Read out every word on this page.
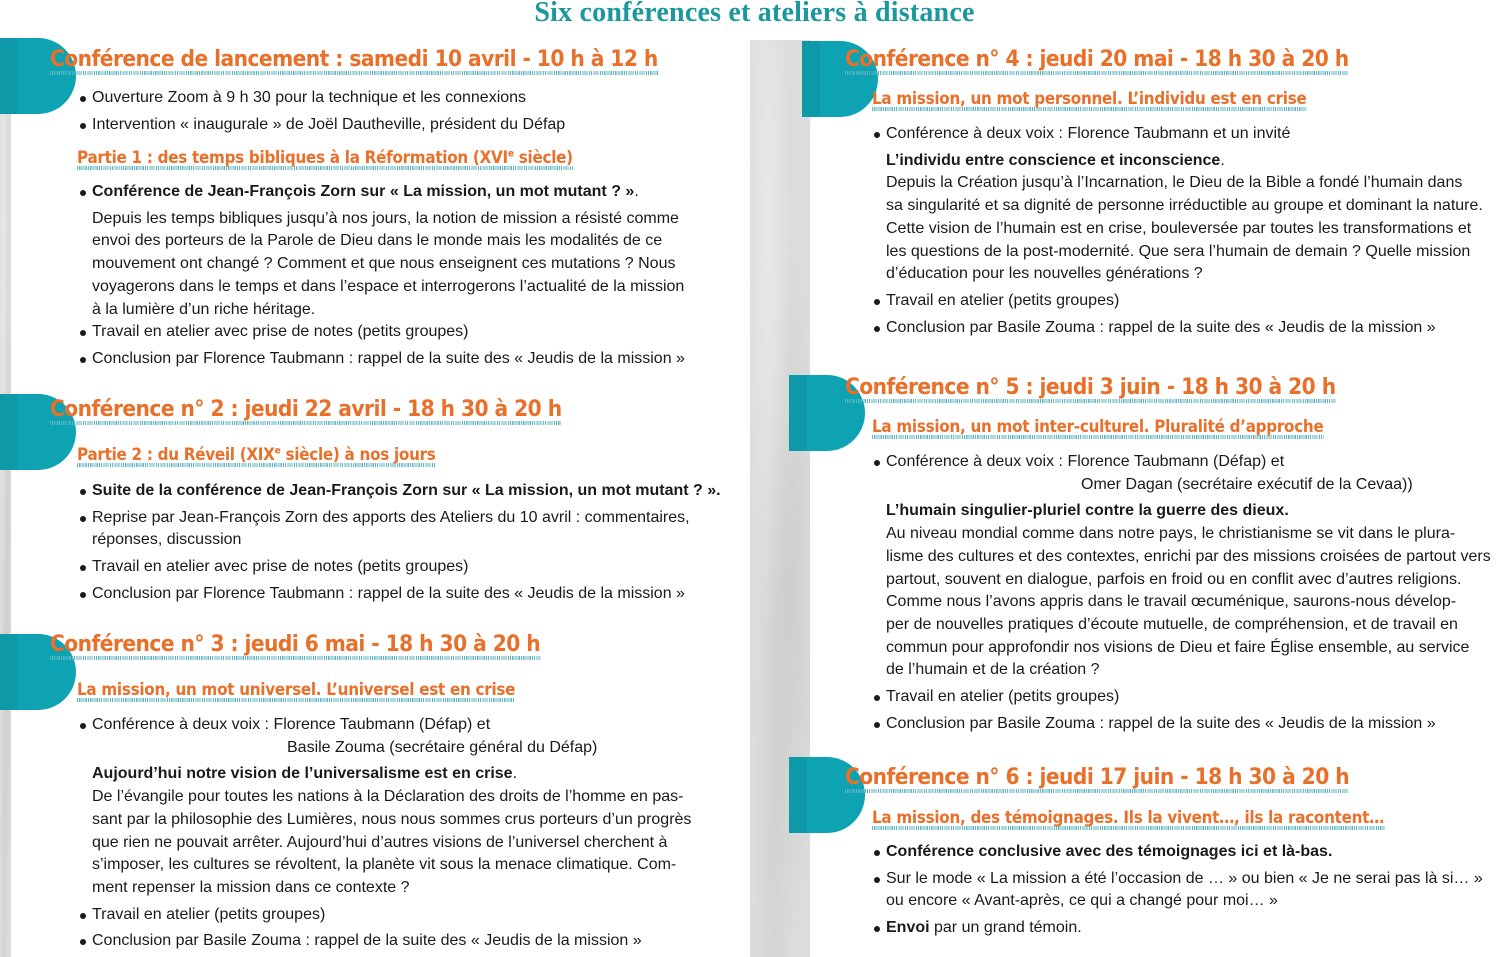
Six conférences et ateliers à distance
Conférence de lancement : samedi 10 avril - 10 h à 12 h
Ouverture Zoom à 9 h 30 pour la technique et les connexions
Intervention « inaugurale » de Joël Dautheville, président du Défap
Partie 1 : des temps bibliques à la Réformation (XVIe siècle)
Conférence de Jean-François Zorn sur « La mission, un mot mutant ? ».
Depuis les temps bibliques jusqu’à nos jours, la notion de mission a résisté comme
envoi des porteurs de la Parole de Dieu dans le monde mais les modalités de ce
mouvement ont changé ? Comment et que nous enseignent ces mutations ? Nous
voyagerons dans le temps et dans l’espace et interrogerons l’actualité de la mission
à la lumière d’un riche héritage.
Travail en atelier avec prise de notes (petits groupes)
Conclusion par Florence Taubmann : rappel de la suite des « Jeudis de la mission »
Conférence n° 2 : jeudi 22 avril - 18 h 30 à 20 h
Partie 2 : du Réveil (XIXe siècle) à nos jours
Suite de la conférence de Jean-François Zorn sur « La mission, un mot mutant ? ».
Reprise par Jean-François Zorn des apports des Ateliers du 10 avril : commentaires, réponses, discussion
Travail en atelier avec prise de notes (petits groupes)
Conclusion par Florence Taubmann : rappel de la suite des « Jeudis de la mission »
Conférence n° 3 : jeudi 6 mai - 18 h 30 à 20 h
La mission, un mot universel. L’universel est en crise
Conférence à deux voix : Florence Taubmann (Défap) et
Basile Zouma (secrétaire général du Défap)
Aujourd’hui notre vision de l’universalisme est en crise.
De l’évangile pour toutes les nations à la Déclaration des droits de l’homme en pas-
sant par la philosophie des Lumières, nous nous sommes crus porteurs d’un progrès
que rien ne pouvait arrêter. Aujourd’hui d’autres visions de l’universel cherchent à
s’imposer, les cultures se révoltent, la planète vit sous la menace climatique. Com-
ment repenser la mission dans ce contexte ?
Travail en atelier (petits groupes)
Conclusion par Basile Zouma : rappel de la suite des « Jeudis de la mission »
Conférence n° 4 : jeudi 20 mai - 18 h 30 à 20 h
La mission, un mot personnel. L’individu est en crise
Conférence à deux voix : Florence Taubmann et un invité
L’individu entre conscience et inconscience.
Depuis la Création jusqu’à l’Incarnation, le Dieu de la Bible a fondé l’humain dans
sa singularité et sa dignité de personne irréductible au groupe et dominant la nature.
Cette vision de l’humain est en crise, bouleversée par toutes les transformations et
les questions de la post-modernité. Que sera l’humain de demain ? Quelle mission
d’éducation pour les nouvelles générations ?
Travail en atelier (petits groupes)
Conclusion par Basile Zouma : rappel de la suite des « Jeudis de la mission »
Conférence n° 5 : jeudi 3 juin - 18 h 30 à 20 h
La mission, un mot inter-culturel. Pluralité d’approche
Conférence à deux voix : Florence Taubmann (Défap) et
Omer Dagan (secrétaire exécutif de la Cevaa))
L’humain singulier-pluriel contre la guerre des dieux.
Au niveau mondial comme dans notre pays, le christianisme se vit dans le plura-
lisme des cultures et des contextes, enrichi par des missions croisées de partout vers
partout, souvent en dialogue, parfois en froid ou en conflit avec d’autres religions.
Comme nous l’avons appris dans le travail œcuménique, saurons-nous dévelop-
per de nouvelles pratiques d’écoute mutuelle, de compréhension, et de travail en
commun pour approfondir nos visions de Dieu et faire Église ensemble, au service
de l’humain et de la création ?
Travail en atelier (petits groupes)
Conclusion par Basile Zouma : rappel de la suite des « Jeudis de la mission »
Conférence n° 6 : jeudi 17 juin - 18 h 30 à 20 h
La mission, des témoignages. Ils la vivent…, ils la racontent…
Conférence conclusive avec des témoignages ici et là-bas.
Sur le mode « La mission a été l’occasion de … » ou bien « Je ne serai pas là si… »
ou encore « Avant-après, ce qui a changé pour moi… »
Envoi par un grand témoin.
